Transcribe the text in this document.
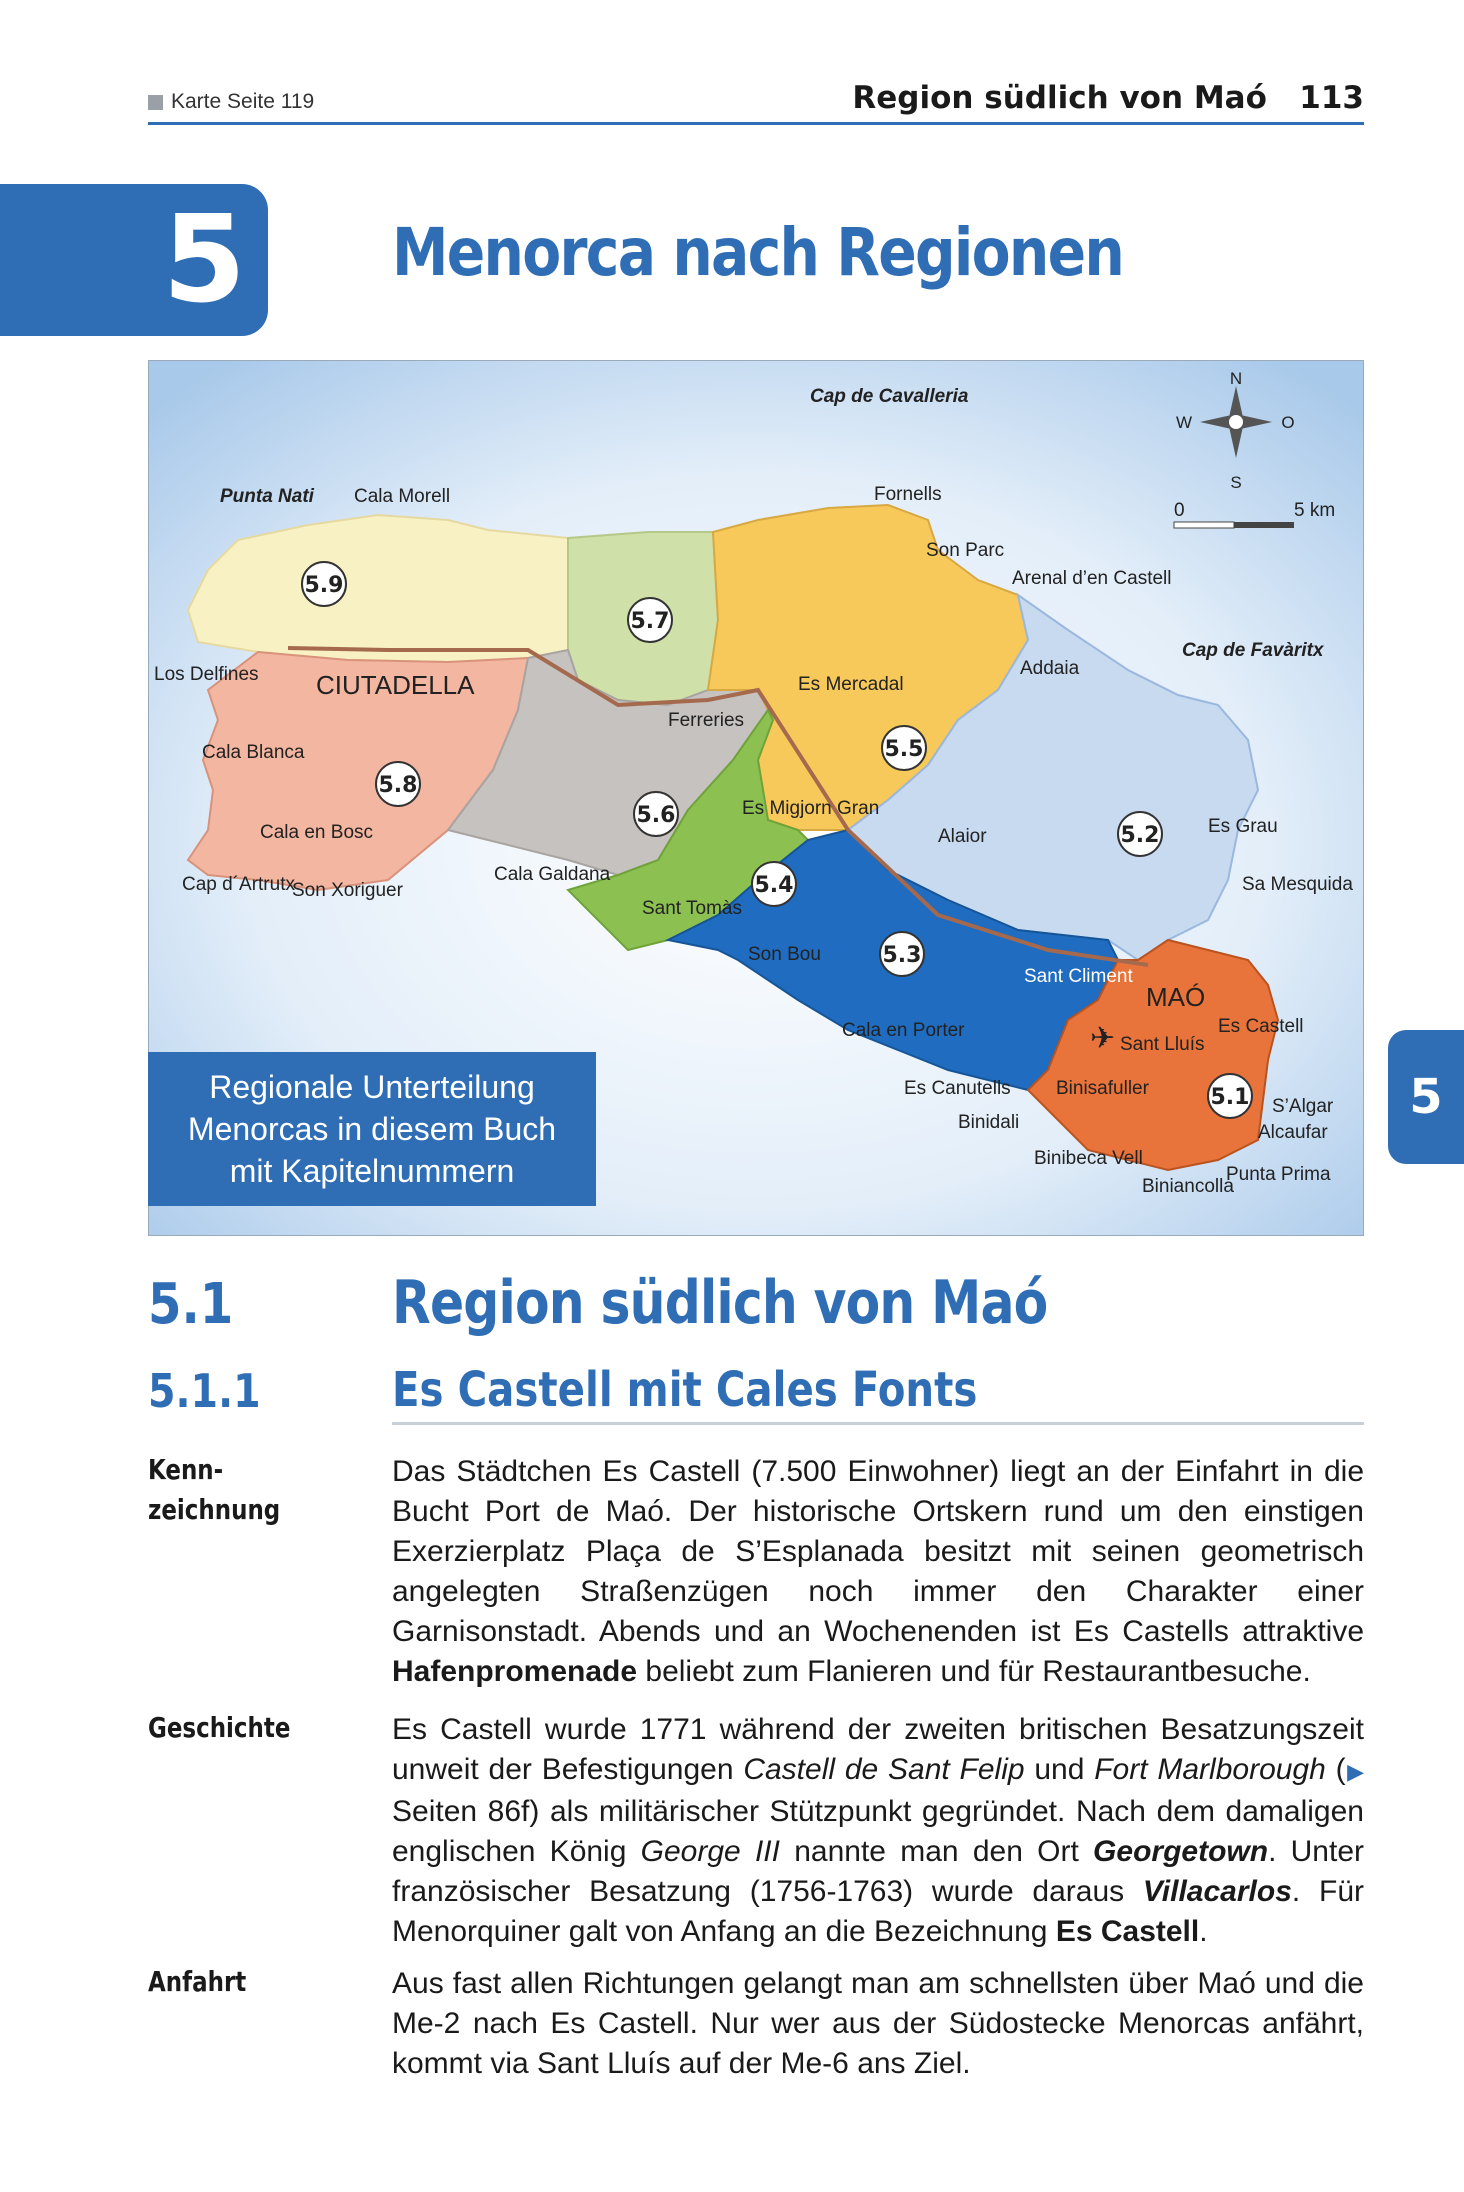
Karte Seite 119	Region südlich von Maó 113
5	Menorca nach Regionen
5.9
5.7
5.8
5.6
5.5
5.4
5.2
5.3
5.1
N
S
W	O
0	5 km
✈
Cap de Cavalleria
Punta Nati Cala Morell	Fornells
Son Parc
Arenal d’en Castell
Addaia
Cap de Favàritx
Los Delfines CIUTADELLA	Es Mercadal
Ferreries
Cala Blanca
Es Migjorn Gran
Alaior	Es Grau
Cala en Bosc
Cap d´Artrutx
Son Xoriguer
Cala Galdana
Sant Tomàs
Sa Mesquida
Son Bou
Sant Climent
MAÓ
Es Castell
Cala en Porter
Sant Lluís
Es Canutells Binisafuller
Binidali
S’Algar
Alcaufar
Binibeca Vell
Biniancolla
Punta Prima
Regionale Unterteilung
Menorcas in diesem Buch
mit Kapitelnummern
5
5.1	Region südlich von Maó
5.1.1	Es Castell mit Cales Fonts
Kenn-
zeichnung
Das Städtchen Es Castell (7.500 Einwohner) liegt an der Einfahrt in die Bucht Port de Maó. Der historische Ortskern rund um den einstigen Exerzierplatz Plaça de S’Esplanada besitzt mit seinen geometrisch angelegten Straßenzügen noch immer den Charakter einer Garnisonstadt. Abends und an Wochenenden ist Es Castells attraktive Hafenpromenade beliebt zum Flanieren und für Restaurantbesuche.
Geschichte	Es Castell wurde 1771 während der zweiten britischen Besatzungszeit unweit der Befestigungen Castell de Sant Felip und Fort Marlborough (▶ Seiten 86f) als militärischer Stützpunkt gegründet. Nach dem damaligen englischen König George III nannte man den Ort Georgetown. Unter französischer Besatzung (1756-1763) wurde daraus Villacarlos. Für Menorquiner galt von Anfang an die Bezeichnung Es Castell.
Anfahrt	Aus fast allen Richtungen gelangt man am schnellsten über Maó und die Me-2 nach Es Castell. Nur wer aus der Südostecke Menorcas anfährt, kommt via Sant Lluís auf der Me-6 ans Ziel.
